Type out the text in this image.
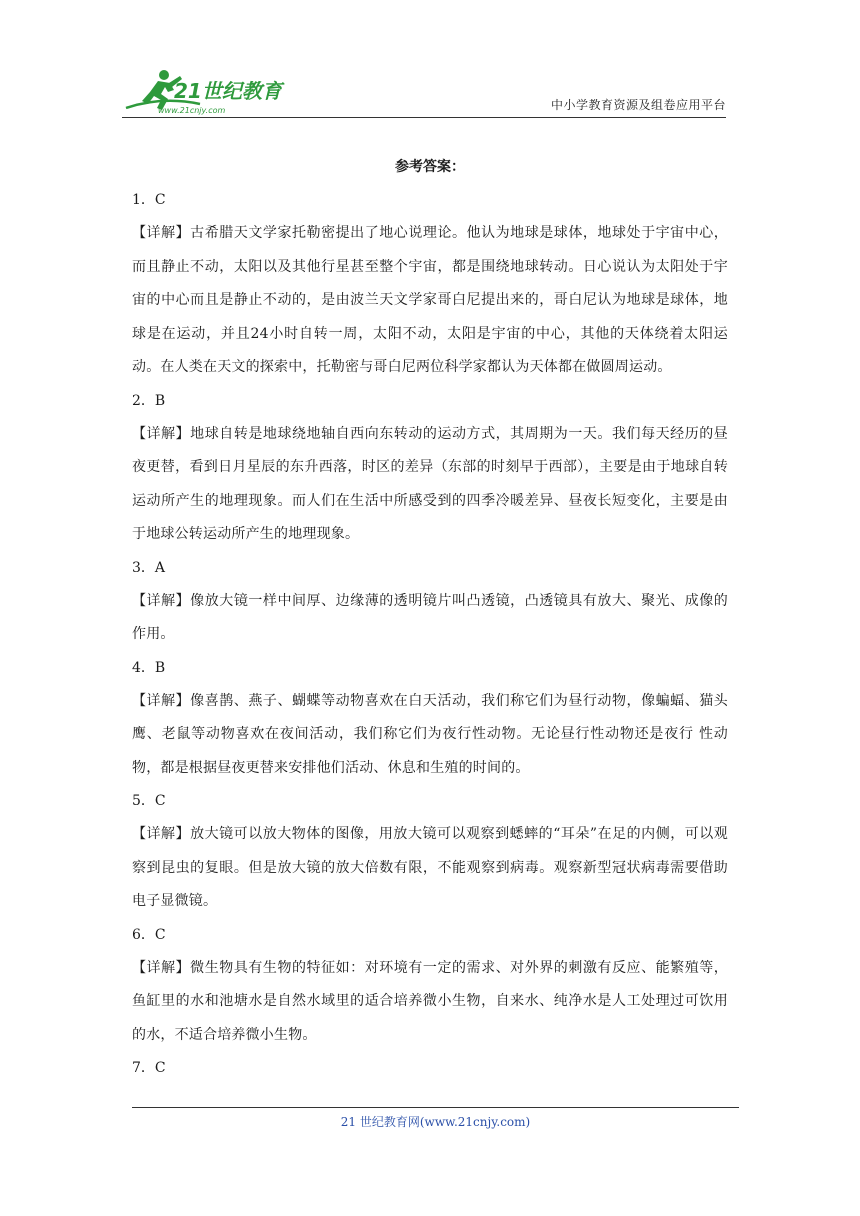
21世纪教育
www.21cnjy.com	中小学教育资源及组卷应用平台
参考答案：
1．C
【详解】古希腊天文学家托勒密提出了地心说理论。他认为地球是球体，地球处于宇宙中心，而且静止不动，太阳以及其他行星甚至整个宇宙，都是围绕地球转动。日心说认为太阳处于宇宙的中心而且是静止不动的，是由波兰天文学家哥白尼提出来的，哥白尼认为地球是球体，地球是在运动，并且24小时自转一周，太阳不动，太阳是宇宙的中心，其他的天体绕着太阳运动。在人类在天文的探索中，托勒密与哥白尼两位科学家都认为天体都在做圆周运动。
2．B
【详解】地球自转是地球绕地轴自西向东转动的运动方式，其周期为一天。我们每天经历的昼夜更替，看到日月星辰的东升西落，时区的差异（东部的时刻早于西部），主要是由于地球自转运动所产生的地理现象。而人们在生活中所感受到的四季冷暖差异、昼夜长短变化，主要是由于地球公转运动所产生的地理现象。
3．A
【详解】像放大镜一样中间厚、边缘薄的透明镜片叫凸透镜，凸透镜具有放大、聚光、成像的作用。
4．B
【详解】像喜鹊、燕子、蝴蝶等动物喜欢在白天活动，我们称它们为昼行动物，像蝙蝠、猫头鹰、老鼠等动物喜欢在夜间活动，我们称它们为夜行性动物。无论昼行性动物还是夜行 性动物，都是根据昼夜更替来安排他们活动、休息和生殖的时间的。
5．C
【详解】放大镜可以放大物体的图像，用放大镜可以观察到蟋蟀的“耳朵”在足的内侧，可以观察到昆虫的复眼。但是放大镜的放大倍数有限，不能观察到病毒。观察新型冠状病毒需要借助电子显微镜。
6．C
【详解】微生物具有生物的特征如：对环境有一定的需求、对外界的刺激有反应、能繁殖等，鱼缸里的水和池塘水是自然水域里的适合培养微小生物，自来水、纯净水是人工处理过可饮用的水，不适合培养微小生物。
7．C
21 世纪教育网(www.21cnjy.com)
